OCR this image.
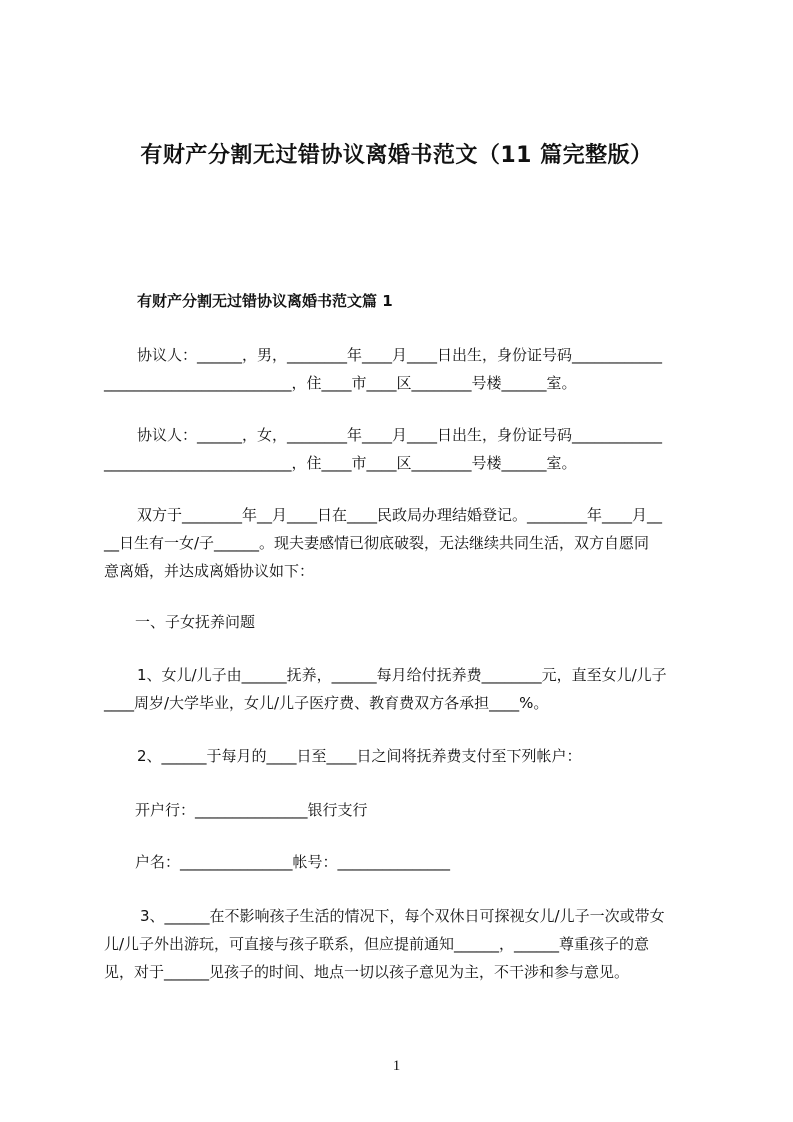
有财产分割无过错协议离婚书范文（11 篇完整版）
有财产分割无过错协议离婚书范文篇 1

协议人：______，男，________年____月____日出生，身份证号码____________

_________________________，住____市____区________号楼______室。

协议人：______，女，________年____月____日出生，身份证号码____________

_________________________，住____市____区________号楼______室。

双方于________年__月____日在____民政局办理结婚登记。________年____月__

__日生有一女/子______。现夫妻感情已彻底破裂，无法继续共同生活，双方自愿同

意离婚，并达成离婚协议如下：

一、子女抚养问题

1、女儿/儿子由______抚养，______每月给付抚养费________元，直至女儿/儿子

____周岁/大学毕业，女儿/儿子医疗费、教育费双方各承担____%。

2、______于每月的____日至____日之间将抚养费支付至下列帐户：

开户行：_______________银行支行

户名：_______________帐号：_______________

3、______在不影响孩子生活的情况下，每个双休日可探视女儿/儿子一次或带女

儿/儿子外出游玩，可直接与孩子联系，但应提前通知______，______尊重孩子的意

见，对于______见孩子的时间、地点一切以孩子意见为主，不干涉和参与意见。

1
